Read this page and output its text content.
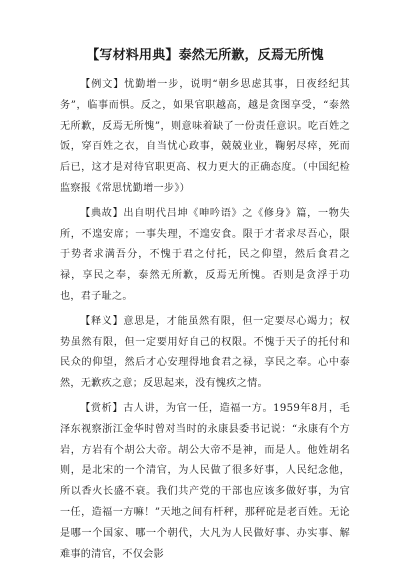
【写材料用典】泰然无所歉，反焉无所愧

【例文】忧勤增一步，说明“朝乡思虑其事，日夜经纪其务”，临事而惧。反之，如果官职越高，越是贪图享受，“泰然无所歉，反焉无所愧”，则意味着缺了一份责任意识。吃百姓之饭，穿百姓之衣，自当忧心政事，兢兢业业，鞠躬尽瘁，死而后已，这才是对待官职更高、权力更大的正确态度。（中国纪检监察报《常思忧勤增一步》）

【典故】出自明代吕坤《呻吟语》之《修身》篇，一物失所，不遑安席；一事失理，不遑安食。限于才者求尽吾心，限于势者求满吾分，不愧于君之付托，民之仰望，然后食君之禄，享民之奉，泰然无所歉，反焉无所愧。否则是贪浮于功也，君子耻之。

【释义】意思是，才能虽然有限，但一定要尽心竭力；权势虽然有限，但一定要用好自己的权限。不愧于天子的托付和民众的仰望，然后才心安理得地食君之禄，享民之奉。心中泰然，无歉疚之意；反思起来，没有愧疚之情。

【赏析】古人讲，为官一任，造福一方。1959年8月，毛泽东视察浙江金华时曾对当时的永康县委书记说：“永康有个方岩，方岩有个胡公大帝。胡公大帝不是神，而是人。他姓胡名则，是北宋的一个清官，为人民做了很多好事，人民纪念他，所以香火长盛不衰。我们共产党的干部也应该多做好事，为官一任，造福一方嘛！”天地之间有杆秤，那秤砣是老百姓。无论是哪一个国家、哪一个朝代，大凡为人民做好事、办实事、解难事的清官，不仅会影
